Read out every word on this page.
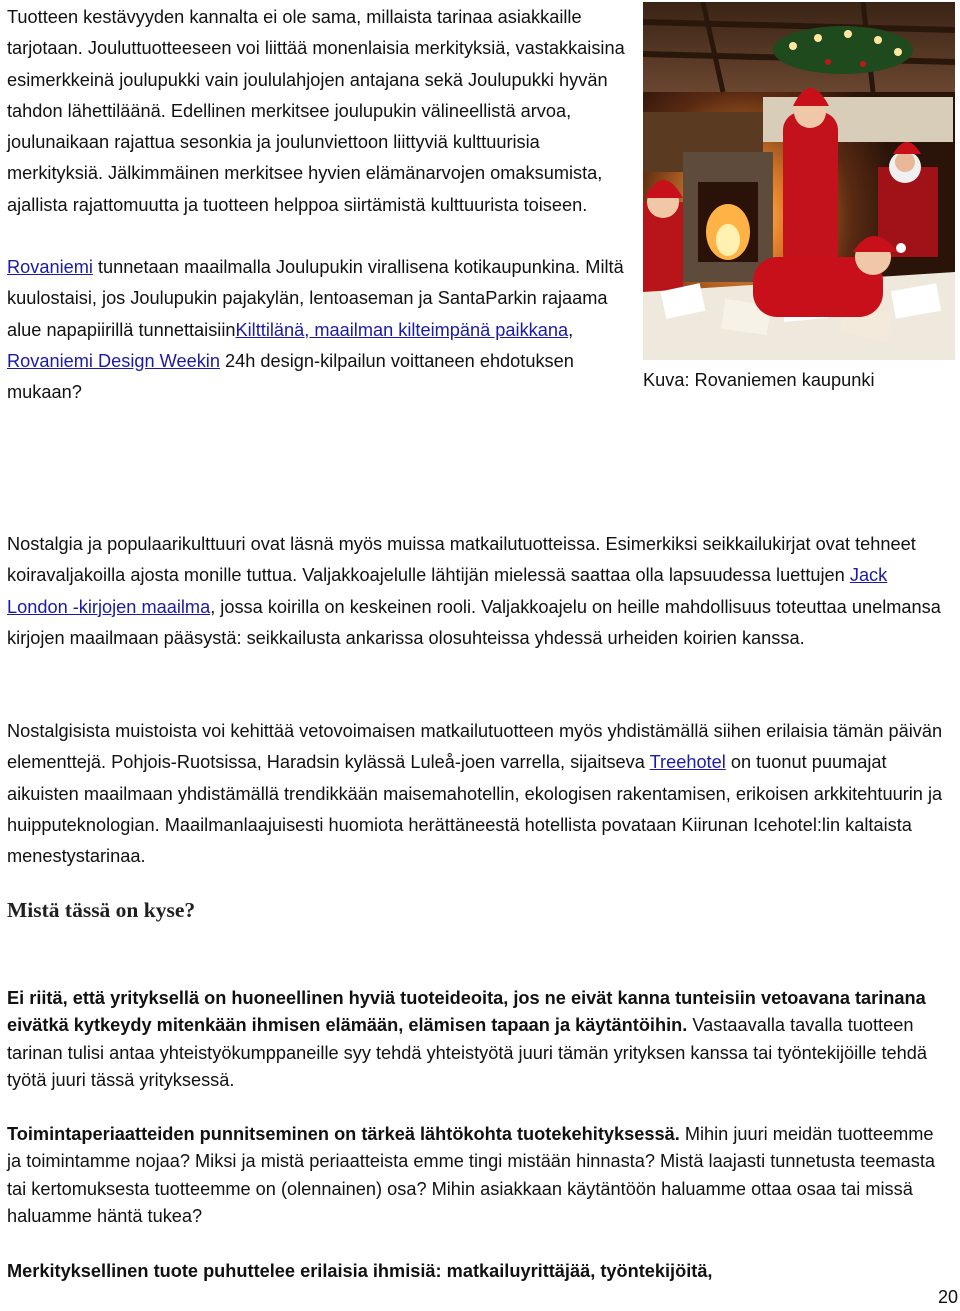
Tuotteen kestävyyden kannalta ei ole sama, millaista tarinaa asiakkaille tarjotaan. Jouluttuotteeseen voi liittää monenlaisia merkityksiä, vastakkaisina esimerkkeinä joulupukki vain joululahjojen antajana sekä Joulupukki hyvän tahdon lähettiläänä. Edellinen merkitsee joulupukin välineellistä arvoa, joulunaikaan rajattua sesonkia ja joulunviettoon liittyviä kulttuurisia merkityksiä. Jälkimmäinen merkitsee hyvien elämänarvojen omaksumista, ajallista rajattomuutta ja tuotteen helppoa siirtämistä kulttuurista toiseen.

Rovaniemi tunnetaan maailmalla Joulupukin virallisena kotikaupunkina. Miltä kuulostaisi, jos Joulupukin pajakylän, lentoaseman ja SantaParkin rajaama alue napapiirillä tunnettaisiinKilttilänä, maailman kilteimpänä paikkana, Rovaniemi Design Weekin 24h design-kilpailun voittaneen ehdotuksen mukaan?

Kuva: Rovaniemen kaupunki

Nostalgia ja populaarikulttuuri ovat läsnä myös muissa matkailutuotteissa. Esimerkiksi seikkailukirjat ovat tehneet koiravaljakoilla ajosta monille tuttua. Valjakkoajelulle lähtijän mielessä saattaa olla lapsuudessa luettujen Jack London -kirjojen maailma, jossa koirilla on keskeinen rooli. Valjakkoajelu on heille mahdollisuus toteuttaa unelmansa kirjojen maailmaan pääsystä: seikkailusta ankarissa olosuhteissa yhdessä urheiden koirien kanssa.

Nostalgisista muistoista voi kehittää vetovoimaisen matkailutuotteen myös yhdistämällä siihen erilaisia tämän päivän elementtejä. Pohjois-Ruotsissa, Haradsin kylässä Luleå-joen varrella, sijaitseva Treehotel on tuonut puumajat aikuisten maailmaan yhdistämällä trendikkään maisemahotellin, ekologisen rakentamisen, erikoisen arkkitehtuurin ja huipputeknologian. Maailmanlaajuisesti huomiota herättäneestä hotellista povataan Kiirunan Icehotel:lin kaltaista menestystarinaa.

Mistä tässä on kyse?

Ei riitä, että yrityksellä on huoneellinen hyviä tuoteideoita, jos ne eivät kanna tunteisiin vetoavana tarinana eivätkä kytkeydy mitenkään ihmisen elämään, elämisen tapaan ja käytäntöihin. Vastaavalla tavalla tuotteen tarinan tulisi antaa yhteistyökumppaneille syy tehdä yhteistyötä juuri tämän yrityksen kanssa tai työntekijöille tehdä työtä juuri tässä yrityksessä.

Toimintaperiaatteiden punnitseminen on tärkeä lähtökohta tuotekehityksessä. Mihin juuri meidän tuotteemme ja toimintamme nojaa? Miksi ja mistä periaatteista emme tingi mistään hinnasta? Mistä laajasti tunnetusta teemasta tai kertomuksesta tuotteemme on (olennainen) osa? Mihin asiakkaan käytäntöön haluamme ottaa osaa tai missä haluamme häntä tukea?

Merkityksellinen tuote puhuttelee erilaisia ihmisiä: matkailuyrittäjää, työntekijöitä,

20
